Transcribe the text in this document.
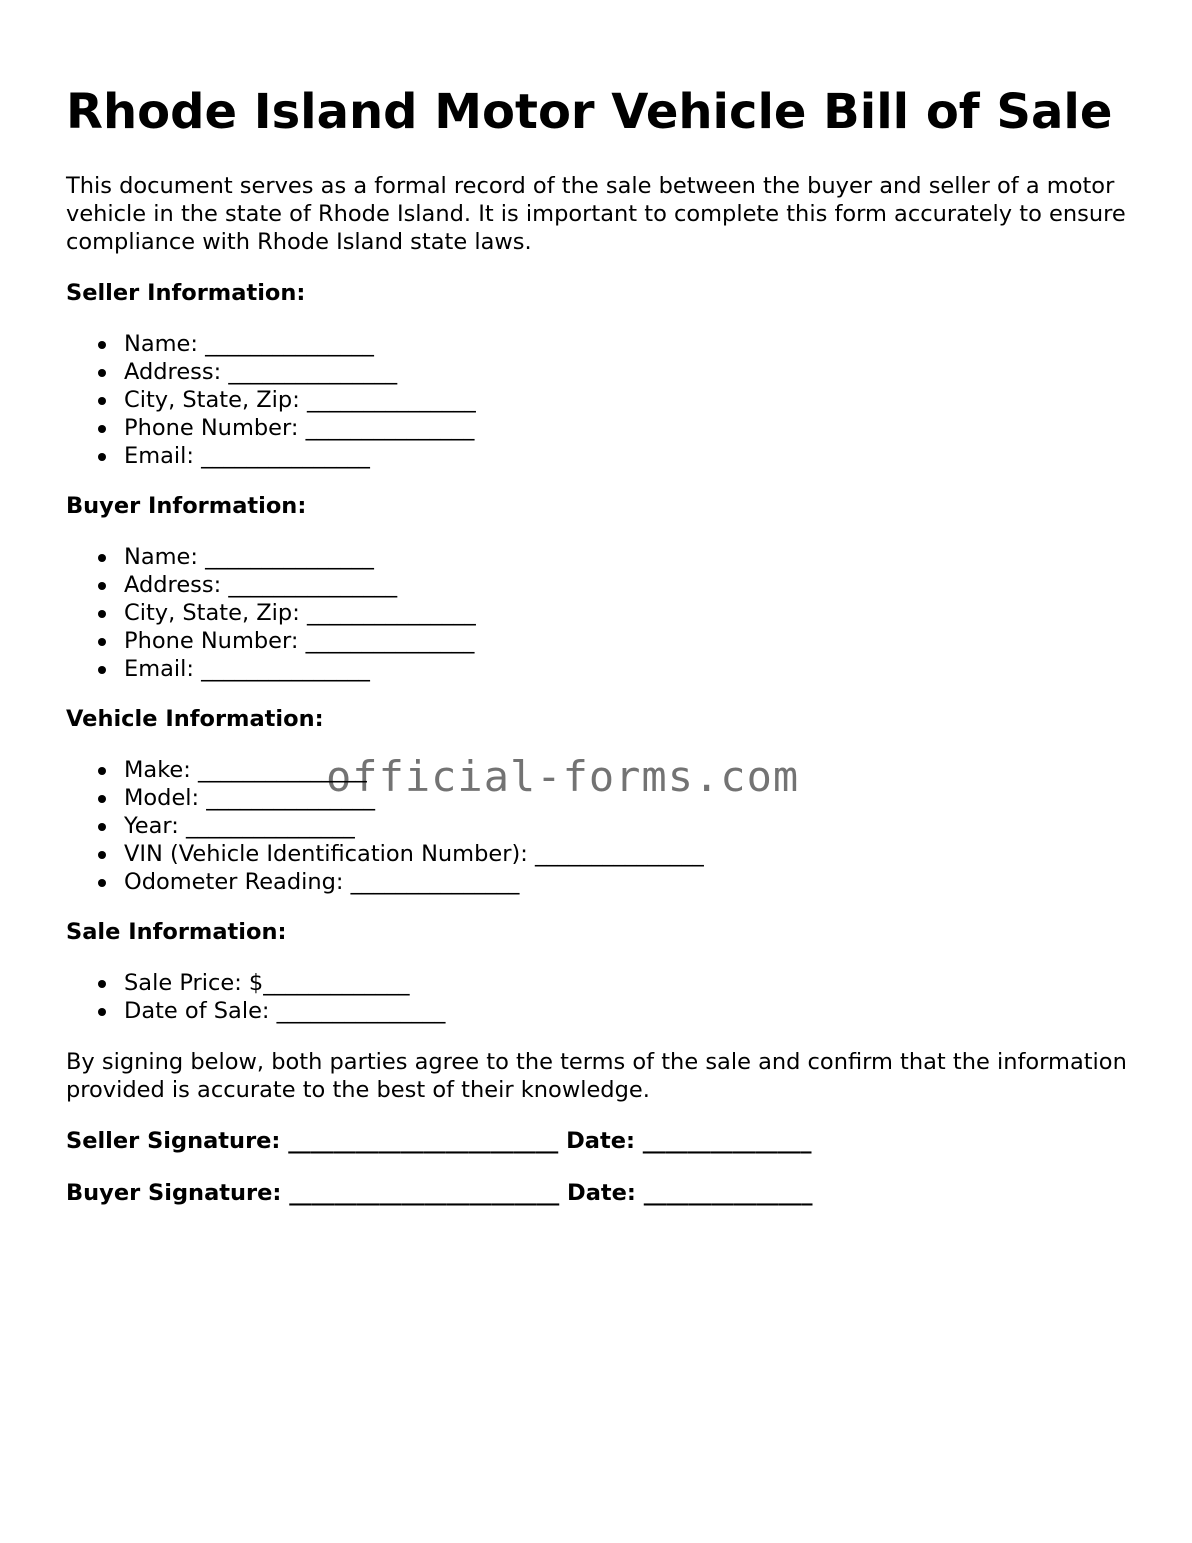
Rhode Island Motor Vehicle Bill of Sale

This document serves as a formal record of the sale between the buyer and seller of a motor vehicle in the state of Rhode Island. It is important to complete this form accurately to ensure compliance with Rhode Island state laws.

Seller Information:
Name: _______________
Address: _______________
City, State, Zip: _______________
Phone Number: _______________
Email: _______________
Buyer Information:
Name: _______________
Address: _______________
City, State, Zip: _______________
Phone Number: _______________
Email: _______________
Vehicle Information:
Make: _______________
Model: _______________
Year: _______________
VIN (Vehicle Identification Number): _______________
Odometer Reading: _______________
Sale Information:
Sale Price: $_____________
Date of Sale: _______________

By signing below, both parties agree to the terms of the sale and confirm that the information provided is accurate to the best of their knowledge.

Seller Signature: ________________________ Date: _______________
Buyer Signature: ________________________ Date: _______________
official-forms.com
